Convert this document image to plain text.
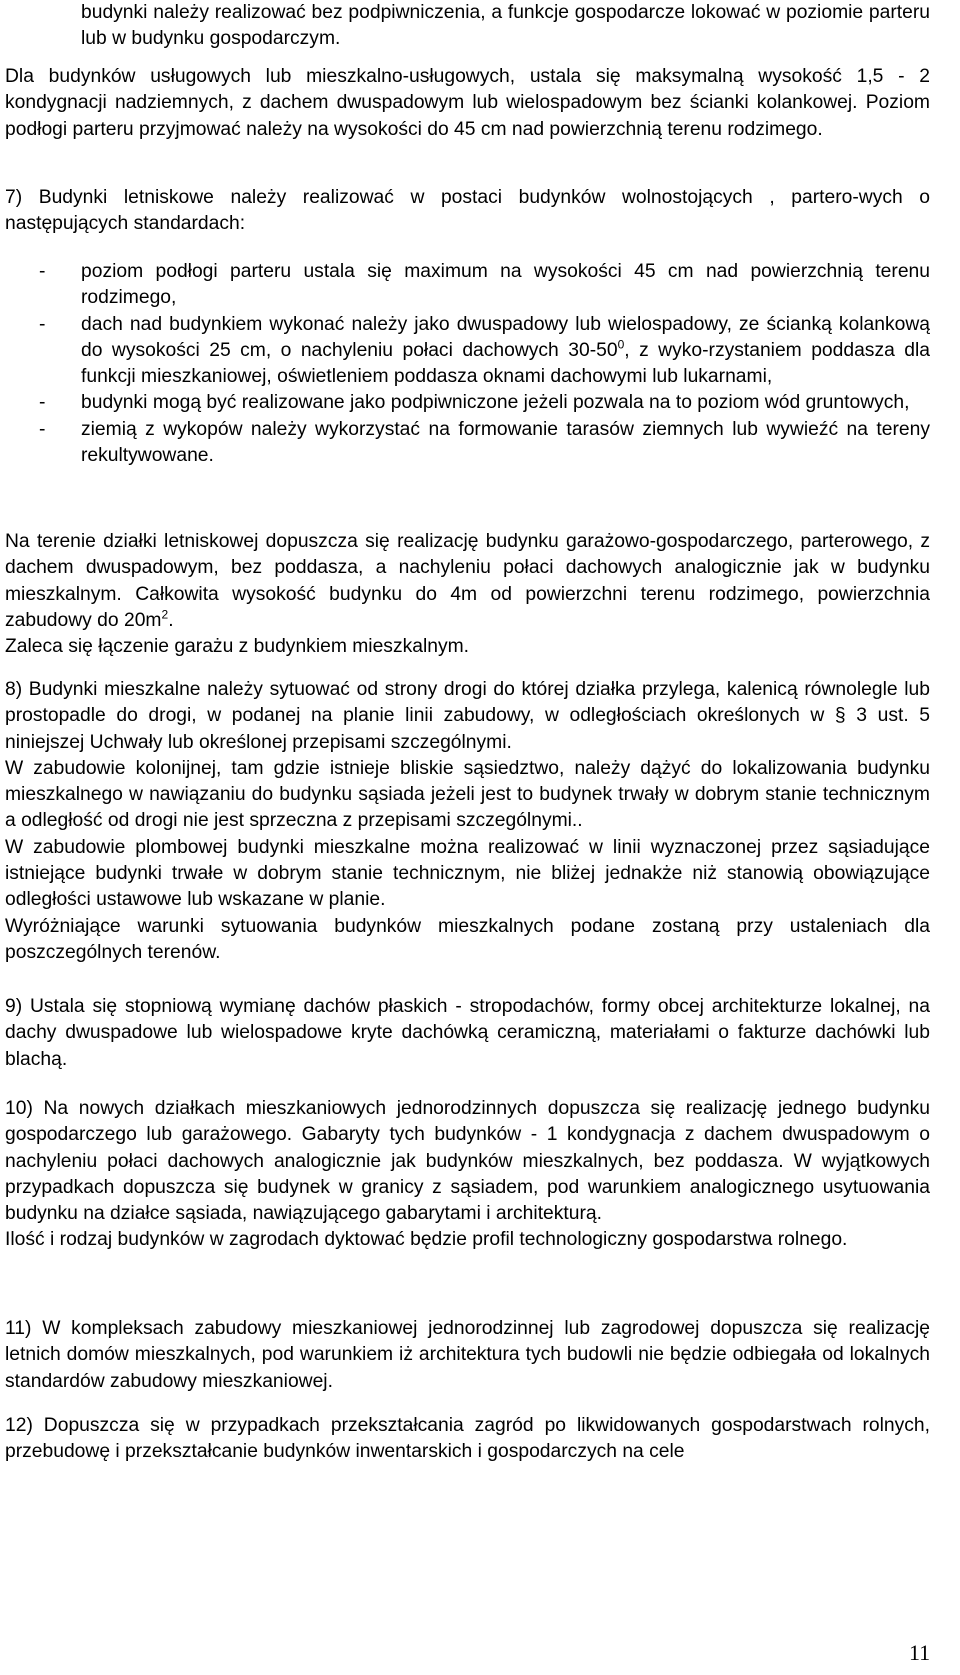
budynki należy realizować bez podpiwniczenia, a funkcje gospodarcze lokować w poziomie parteru lub w budynku gospodarczym.

Dla budynków usługowych lub mieszkalno-usługowych, ustala się maksymalną wysokość 1,5 - 2 kondygnacji nadziemnych, z dachem dwuspadowym lub wielospadowym bez ścianki kolankowej. Poziom podłogi parteru przyjmować należy na wysokości do 45 cm nad powierzchnią terenu rodzimego.

7) Budynki letniskowe należy realizować w postaci budynków wolnostojących , partero-wych o następujących standardach:

- poziom podłogi parteru ustala się maximum na wysokości 45 cm nad powierzchnią terenu rodzimego,

- dach nad budynkiem wykonać należy jako dwuspadowy lub wielospadowy, ze ścianką kolankową do wysokości 25 cm, o nachyleniu połaci dachowych $30-50^0$, z wyko-rzystaniem poddasza dla funkcji mieszkaniowej, oświetleniem poddasza oknami dachowymi lub lukarnami,

- budynki mogą być realizowane jako podpiwniczone jeżeli pozwala na to poziom wód gruntowych,

- ziemią z wykopów należy wykorzystać na formowanie tarasów ziemnych lub wywieźć na tereny rekultywowane.

Na terenie działki letniskowej dopuszcza się realizację budynku garażowo-gospodarczego, parterowego, z dachem dwuspadowym, bez poddasza, a nachyleniu połaci dachowych analogicznie jak w budynku mieszkalnym. Całkowita wysokość budynku do 4m od powierzchni terenu rodzimego, powierzchnia zabudowy do $20m^2$.

Zaleca się łączenie garażu z budynkiem mieszkalnym.

8) Budynki mieszkalne należy sytuować od strony drogi do której działka przylega, kalenicą równolegle lub prostopadle do drogi, w podanej na planie linii zabudowy, w odległościach określonych w § 3 ust. 5 niniejszej Uchwały lub określonej przepisami szczególnymi.

W zabudowie kolonijnej, tam gdzie istnieje bliskie sąsiedztwo, należy dążyć do lokalizowania budynku mieszkalnego w nawiązaniu do budynku sąsiada jeżeli jest to budynek trwały w dobrym stanie technicznym a odległość od drogi nie jest sprzeczna z przepisami szczególnymi..

W zabudowie plombowej budynki mieszkalne można realizować w linii wyznaczonej przez sąsiadujące istniejące budynki trwałe w dobrym stanie technicznym, nie bliżej jednakże niż stanowią obowiązujące odległości ustawowe lub wskazane w planie.

Wyróżniające warunki sytuowania budynków mieszkalnych podane zostaną przy ustaleniach dla poszczególnych terenów.

9) Ustala się stopniową wymianę dachów płaskich - stropodachów, formy obcej architekturze lokalnej, na dachy dwuspadowe lub wielospadowe kryte dachówką ceramiczną, materiałami o fakturze dachówki lub blachą.

10) Na nowych działkach mieszkaniowych jednorodzinnych dopuszcza się realizację jednego budynku gospodarczego lub garażowego. Gabaryty tych budynków - 1 kondygnacja z dachem dwuspadowym o nachyleniu połaci dachowych analogicznie jak budynków mieszkalnych, bez poddasza. W wyjątkowych przypadkach dopuszcza się budynek w granicy z sąsiadem, pod warunkiem analogicznego usytuowania budynku na działce sąsiada, nawiązującego gabarytami i architekturą.

Ilość i rodzaj budynków w zagrodach dyktować będzie profil technologiczny gospodarstwa rolnego.

11) W kompleksach zabudowy mieszkaniowej jednorodzinnej lub zagrodowej dopuszcza się realizację letnich domów mieszkalnych, pod warunkiem iż architektura tych budowli nie będzie odbiegała od lokalnych standardów zabudowy mieszkaniowej.

12) Dopuszcza się w przypadkach przekształcania zagród po likwidowanych gospodarstwach rolnych, przebudowę i przekształcanie budynków inwentarskich i gospodarczych na cele

11
